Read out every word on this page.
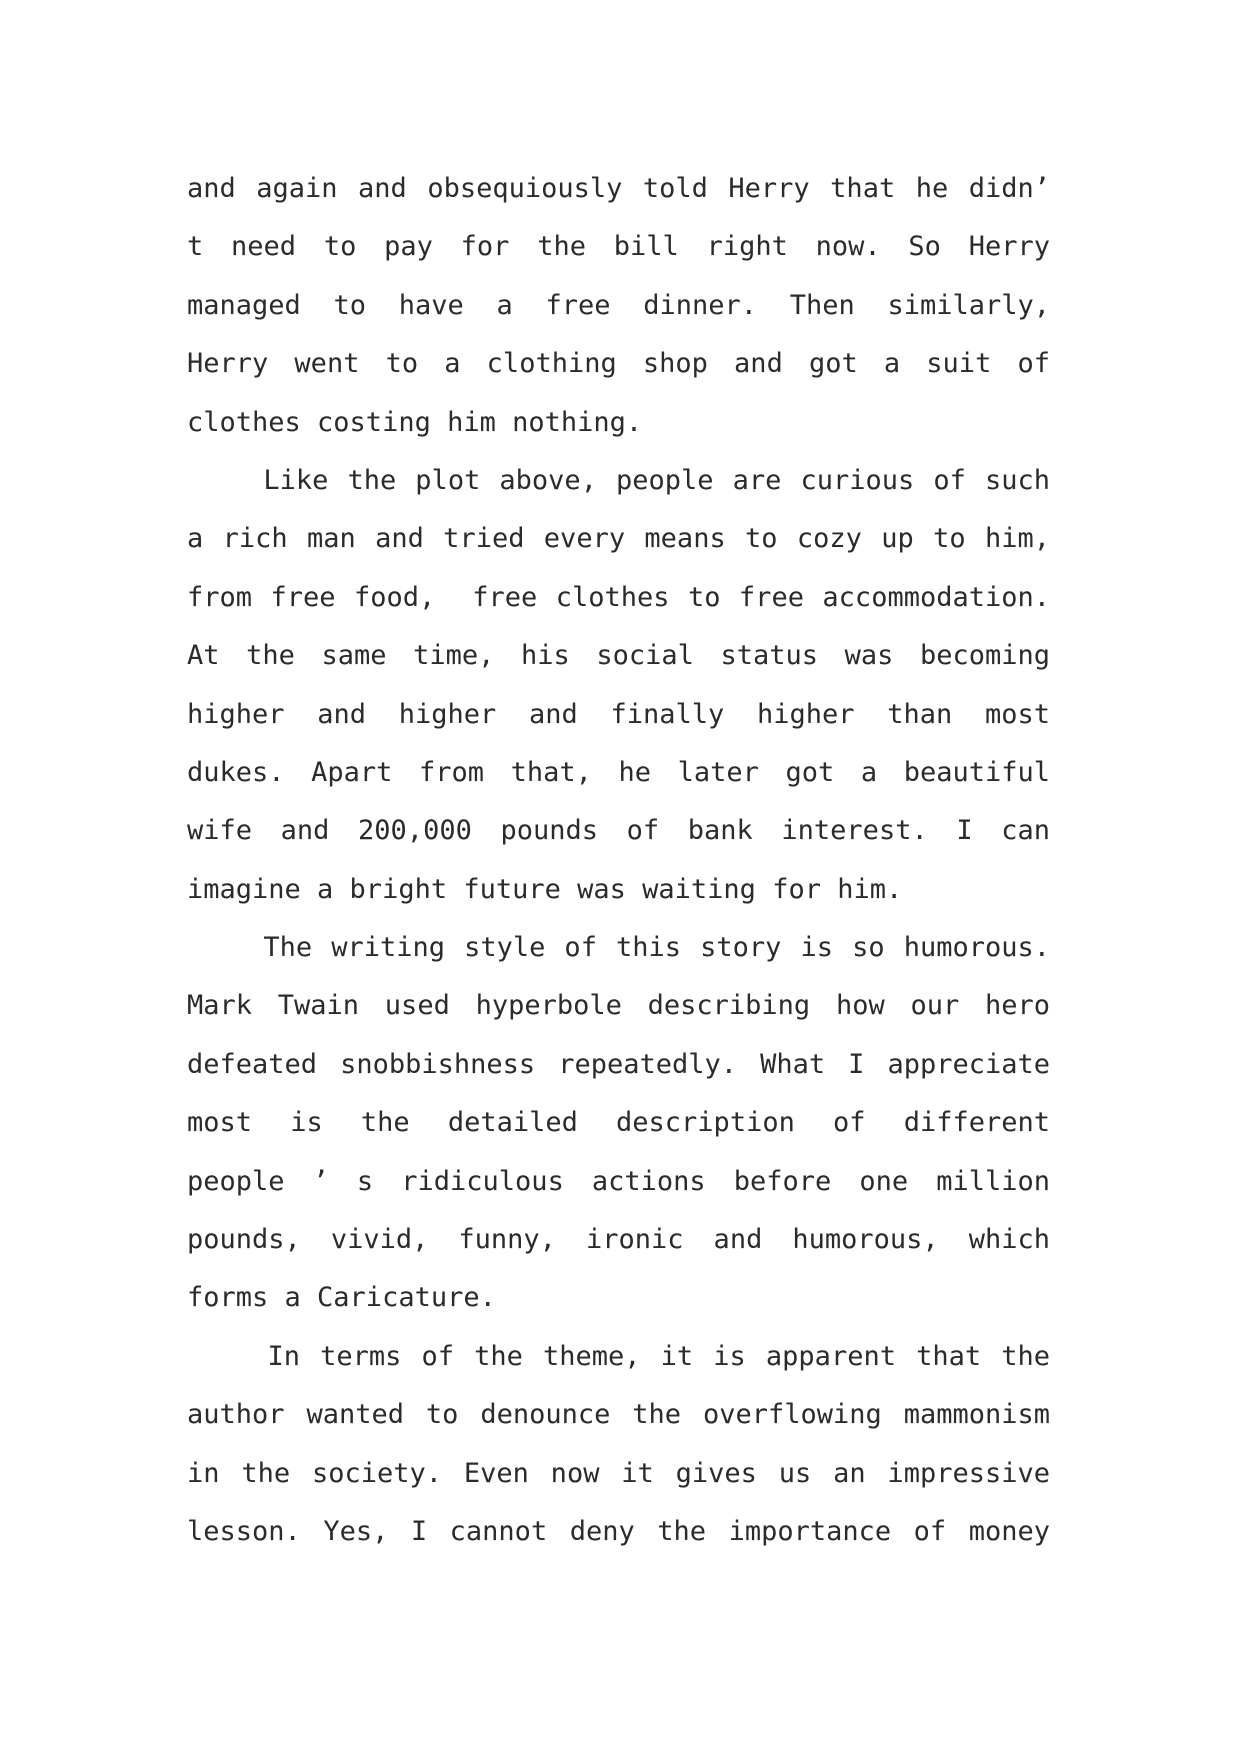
and again and obsequiously told Herry that he didn’
t need to pay for the bill right now. So Herry
managed to have a free dinner. Then similarly,
Herry went to a clothing shop and got a suit of
clothes costing him nothing.
Like the plot above, people are curious of such
a rich man and tried every means to cozy up to him,
from free food,  free clothes to free accommodation.
At the same time, his social status was becoming
higher and higher and finally higher than most
dukes. Apart from that, he later got a beautiful
wife and 200,000 pounds of bank interest. I can
imagine a bright future was waiting for him.
The writing style of this story is so humorous.
Mark Twain used hyperbole describing how our hero
defeated snobbishness repeatedly. What I appreciate
most is the detailed description of different
people ’ s ridiculous actions before one million
pounds, vivid, funny, ironic and humorous, which
forms a Caricature.
In terms of the theme, it is apparent that the
author wanted to denounce the overflowing mammonism
in the society. Even now it gives us an impressive
lesson. Yes, I cannot deny the importance of money
